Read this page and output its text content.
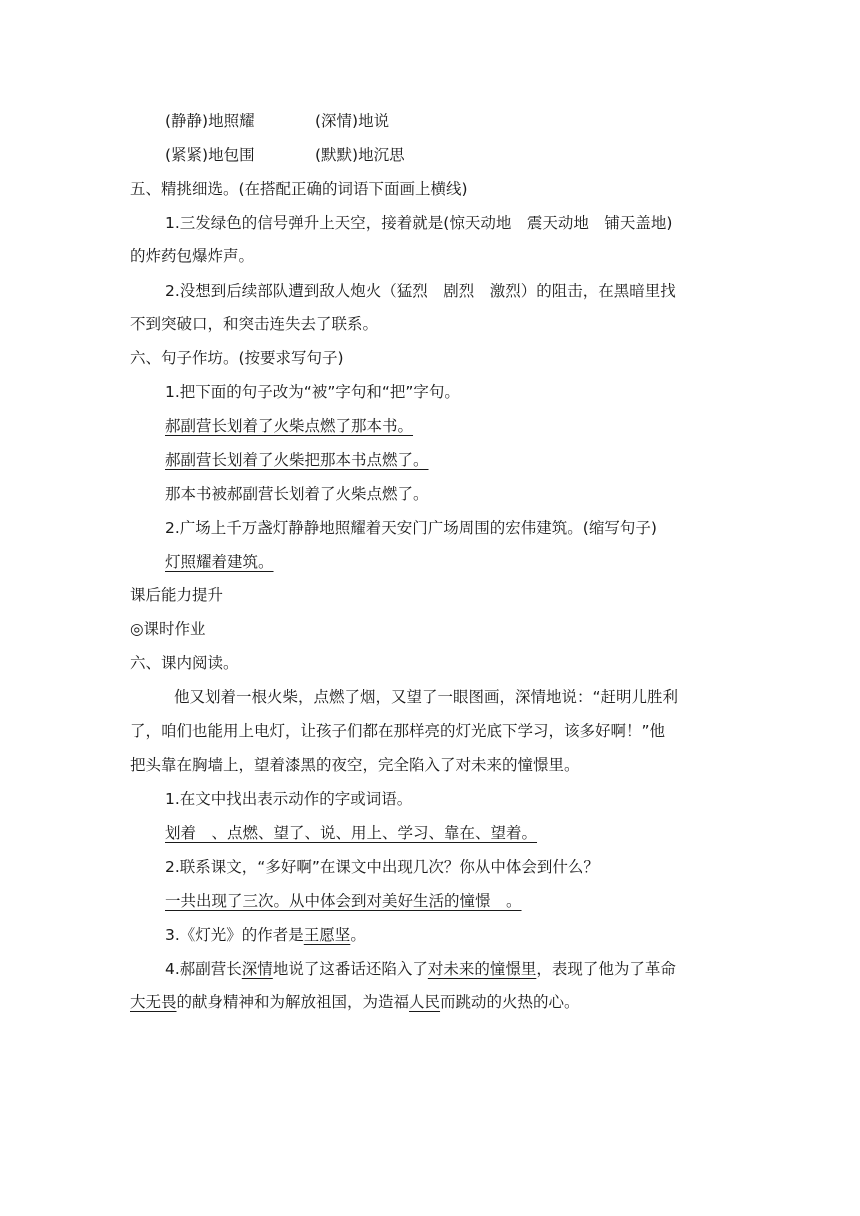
(静静)地照耀	(深情)地说
(紧紧)地包围	(默默)地沉思
五、精挑细选。(在搭配正确的词语下面画上横线)
1.三发绿色的信号弹升上天空，接着就是(惊天动地　震天动地　铺天盖地)
的炸药包爆炸声。
2.没想到后续部队遭到敌人炮火（猛烈　剧烈　激烈）的阻击，在黑暗里找
不到突破口，和突击连失去了联系。
六、句子作坊。(按要求写句子)
1.把下面的句子改为“被”字句和“把”字句。
郝副营长划着了火柴点燃了那本书。
郝副营长划着了火柴把那本书点燃了。
那本书被郝副营长划着了火柴点燃了。
2.广场上千万盏灯静静地照耀着天安门广场周围的宏伟建筑。(缩写句子)
灯照耀着建筑。
课后能力提升
◎课时作业
六、课内阅读。
他又划着一根火柴，点燃了烟，又望了一眼图画，深情地说：“赶明儿胜利
了，咱们也能用上电灯，让孩子们都在那样亮的灯光底下学习，该多好啊！”他
把头靠在胸墙上，望着漆黑的夜空，完全陷入了对未来的憧憬里。
1.在文中找出表示动作的字或词语。
划着　、点燃、望了、说、用上、学习、靠在、望着。
2.联系课文，“多好啊”在课文中出现几次？你从中体会到什么？
一共出现了三次。从中体会到对美好生活的憧憬　。
3.《灯光》的作者是王愿坚。
4.郝副营长深情地说了这番话还陷入了对未来的憧憬里，表现了他为了革命
大无畏的献身精神和为解放祖国，为造福人民而跳动的火热的心。
